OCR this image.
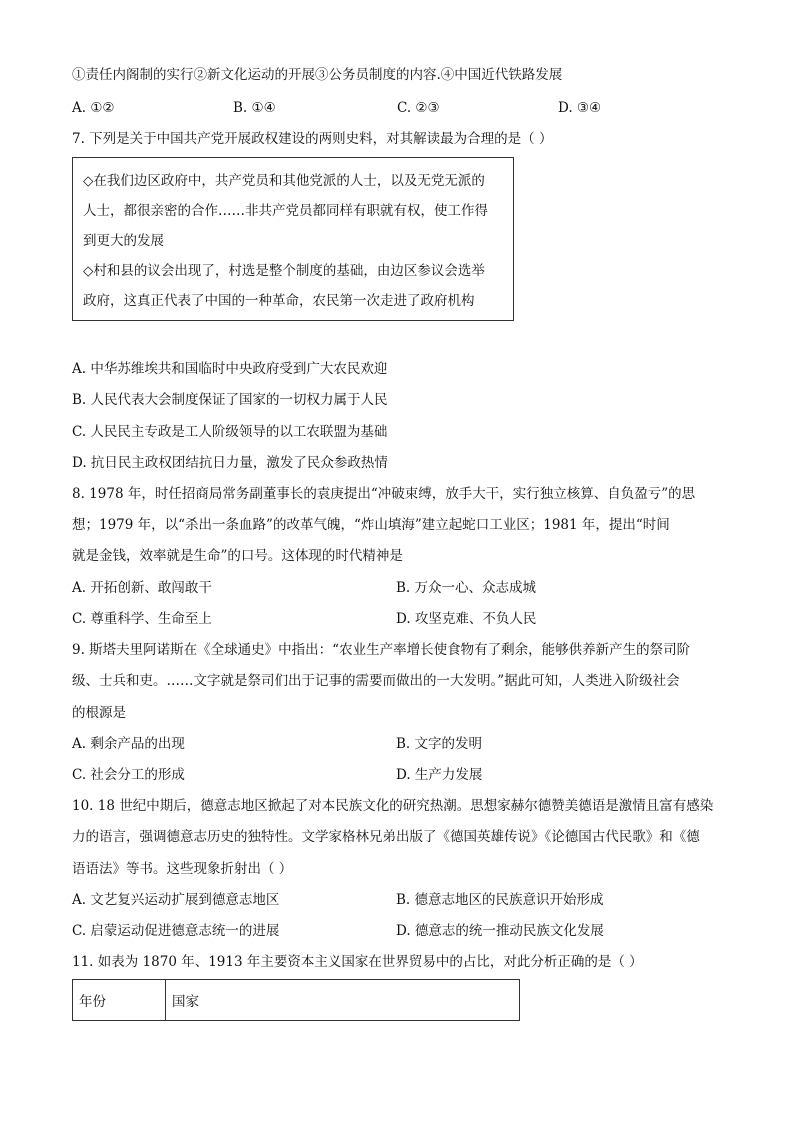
①责任内阁制的实行②新文化运动的开展③公务员制度的内容.④中国近代铁路发展
A. ①②	B. ①④	C. ②③	D. ③④
7. 下列是关于中国共产党开展政权建设的两则史料，对其解读最为合理的是（ ）
◇在我们边区政府中，共产党员和其他党派的人士，以及无党无派的
人士，都很亲密的合作……非共产党员都同样有职就有权，使工作得
到更大的发展
◇村和县的议会出现了，村选是整个制度的基础，由边区参议会选举
政府，这真正代表了中国的一种革命，农民第一次走进了政府机构
A. 中华苏维埃共和国临时中央政府受到广大农民欢迎
B. 人民代表大会制度保证了国家的一切权力属于人民
C. 人民民主专政是工人阶级领导的以工农联盟为基础
D. 抗日民主政权团结抗日力量，激发了民众参政热情
8. 1978 年，时任招商局常务副董事长的袁庚提出“冲破束缚，放手大干，实行独立核算、自负盈亏”的思
想；1979 年，以“杀出一条血路”的改革气魄，“炸山填海”建立起蛇口工业区；1981 年，提出“时间
就是金钱，效率就是生命”的口号。这体现的时代精神是
A. 开拓创新、敢闯敢干	B. 万众一心、众志成城
C. 尊重科学、生命至上	D. 攻坚克难、不负人民
9. 斯塔夫里阿诺斯在《全球通史》中指出：“农业生产率增长使食物有了剩余，能够供养新产生的祭司阶
级、士兵和吏。……文字就是祭司们出于记事的需要而做出的一大发明。”据此可知，人类进入阶级社会
的根源是
A. 剩余产品的出现	B. 文字的发明
C. 社会分工的形成	D. 生产力发展
10. 18 世纪中期后，德意志地区掀起了对本民族文化的研究热潮。思想家赫尔德赞美德语是激情且富有感染
力的语言，强调德意志历史的独特性。文学家格林兄弟出版了《德国英雄传说》《论德国古代民歌》和《德
语语法》等书。这些现象折射出（ ）
A. 文艺复兴运动扩展到德意志地区	B. 德意志地区的民族意识开始形成
C. 启蒙运动促进德意志统一的进展	D. 德意志的统一推动民族文化发展
11. 如表为 1870 年、1913 年主要资本主义国家在世界贸易中的占比，对此分析正确的是（ ）
年份	国家
